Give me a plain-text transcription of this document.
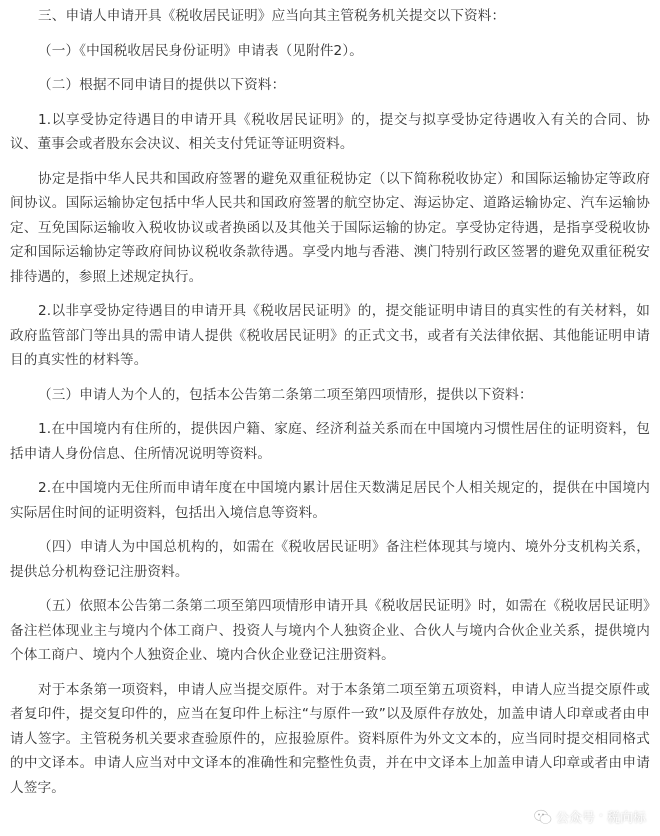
三、申请人申请开具《税收居民证明》应当向其主管税务机关提交以下资料：

（一）《中国税收居民身份证明》申请表（见附件2）。

（二）根据不同申请目的提供以下资料：

1.以享受协定待遇目的申请开具《税收居民证明》的，提交与拟享受协定待遇收入有关的合同、协议、董事会或者股东会决议、相关支付凭证等证明资料。

协定是指中华人民共和国政府签署的避免双重征税协定（以下简称税收协定）和国际运输协定等政府间协议。国际运输协定包括中华人民共和国政府签署的航空协定、海运协定、道路运输协定、汽车运输协定、互免国际运输收入税收协议或者换函以及其他关于国际运输的协定。享受协定待遇，是指享受税收协定和国际运输协定等政府间协议税收条款待遇。享受内地与香港、澳门特别行政区签署的避免双重征税安排待遇的，参照上述规定执行。

2.以非享受协定待遇目的申请开具《税收居民证明》的，提交能证明申请目的真实性的有关材料，如政府监管部门等出具的需申请人提供《税收居民证明》的正式文书，或者有关法律依据、其他能证明申请目的真实性的材料等。

（三）申请人为个人的，包括本公告第二条第二项至第四项情形，提供以下资料：

1.在中国境内有住所的，提供因户籍、家庭、经济利益关系而在中国境内习惯性居住的证明资料，包括申请人身份信息、住所情况说明等资料。

2.在中国境内无住所而申请年度在中国境内累计居住天数满足居民个人相关规定的，提供在中国境内实际居住时间的证明资料，包括出入境信息等资料。

（四）申请人为中国总机构的，如需在《税收居民证明》备注栏体现其与境内、境外分支机构关系，提供总分机构登记注册资料。

（五）依照本公告第二条第二项至第四项情形申请开具《税收居民证明》时，如需在《税收居民证明》备注栏体现业主与境内个体工商户、投资人与境内个人独资企业、合伙人与境内合伙企业关系，提供境内个体工商户、境内个人独资企业、境内合伙企业登记注册资料。

对于本条第一项资料，申请人应当提交原件。对于本条第二项至第五项资料，申请人应当提交原件或者复印件，提交复印件的，应当在复印件上标注“与原件一致”以及原件存放处，加盖申请人印章或者由申请人签字。主管税务机关要求查验原件的，应报验原件。资料原件为外文文本的，应当同时提交相同格式的中文译本。申请人应当对中文译本的准确性和完整性负责，并在中文译本上加盖申请人印章或者由申请人签字。

公众号 · 税向标
